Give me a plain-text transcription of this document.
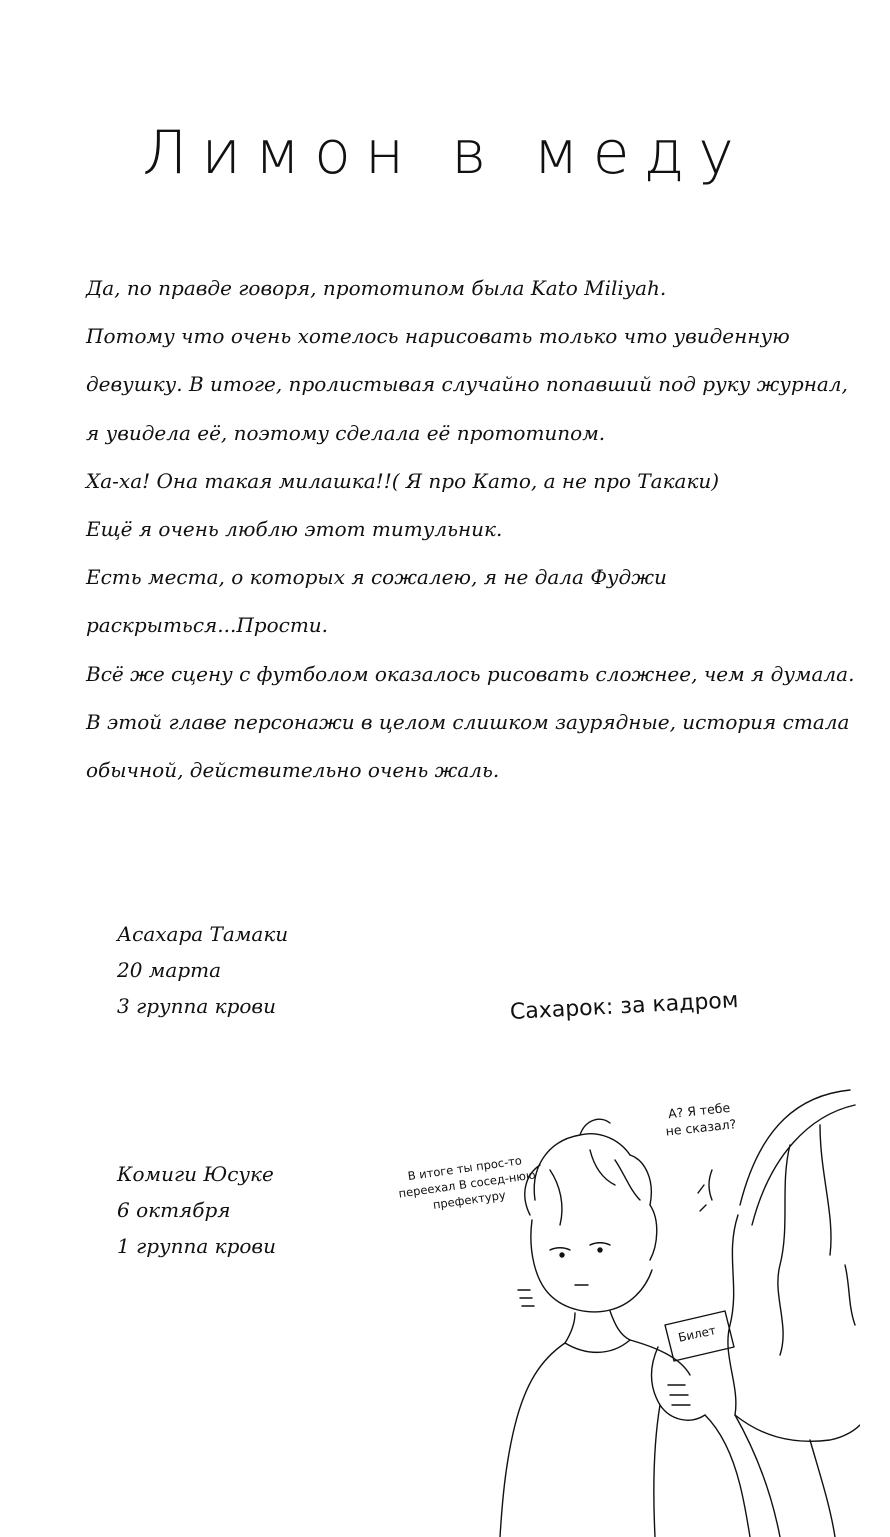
Лимон в меду
Да, по правде говоря, прототипом была Kato Miliyah.
Потому что очень хотелось нарисовать только что увиденную
девушку. В итоге, пролистывая случайно попавший под руку журнал,
я увидела её, поэтому сделала её прототипом.
Ха-ха! Она такая милашка!!( Я про Като, а не про Такаки)
Ещё я очень люблю этот титульник.
Есть места, о которых я сожалею, я не дала Фуджи
раскрыться...Прости.
Всё же сцену с футболом оказалось рисовать сложнее, чем я думала.
В этой главе персонажи в целом слишком заурядные, история стала
обычной, действительно очень жаль.
Асахара Тамаки
20 марта
3 группа крови	Сахарок: за кадром
Комиги Юсуке
6 октября
1 группа крови
Билет
В итоге ты прос-то переехал В сосед-нюю префектуру
А? Я тебе не сказал?
